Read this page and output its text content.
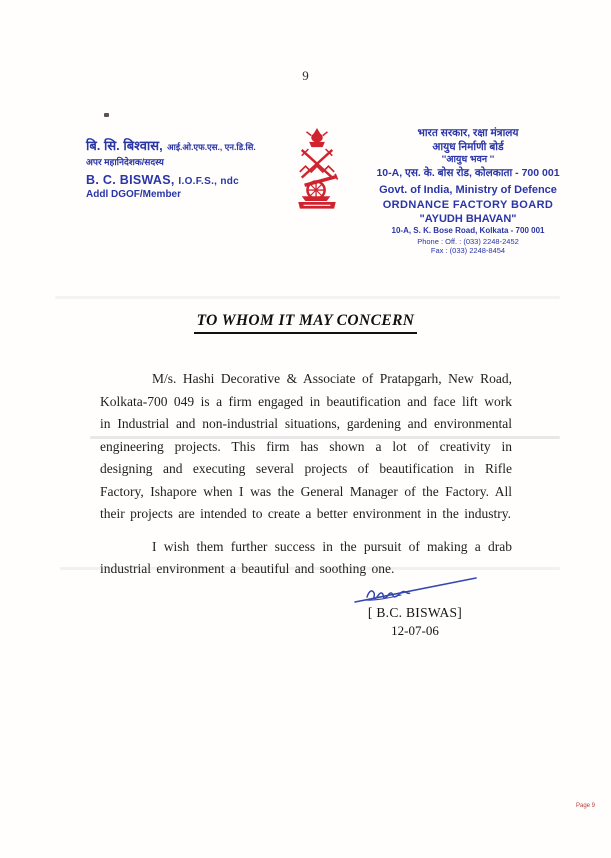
9
बि. सि. बिश्वास, आई.ओ.एफ.एस., एन.डि.सि.
अपर महानिदेशक/सदस्य
B. C. BISWAS, I.O.F.S., ndc
Addl DGOF/Member
भारत सरकार, रक्षा मंत्रालय
आयुध निर्माणी बोर्ड
''आयुध भवन ''
10-A, एस. के. बोस रोड, कोलकाता - 700 001
Govt. of India, Ministry of Defence
ORDNANCE FACTORY BOARD
"AYUDH BHAVAN"
10-A, S. K. Bose Road, Kolkata - 700 001
Phone : Off. : (033) 2248-2452
Fax : (033) 2248-8454
TO WHOM IT MAY CONCERN

M/s. Hashi Decorative & Associate of Pratapgarh, New Road, Kolkata-700 049 is a firm engaged in beautification and face lift work in Industrial and non-industrial situations, gardening and environmental engineering projects. This firm has shown a lot of creativity in designing and executing several projects of beautification in Rifle Factory, Ishapore when I was the General Manager of the Factory. All their projects are intended to create a better environment in the industry.

I wish them further success in the pursuit of making a drab industrial environment a beautiful and soothing one.

[ B.C. BISWAS]
12-07-06
Page 9
